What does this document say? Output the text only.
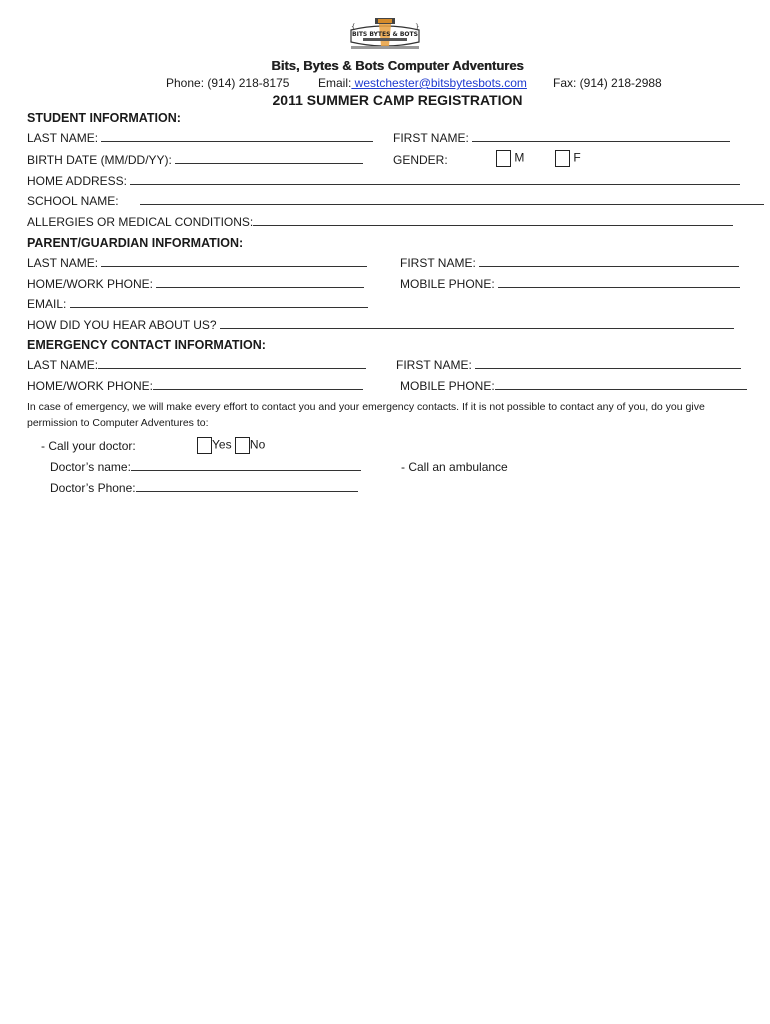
BITS BYTES & BOTS
{	}
Bits, Bytes & Bots Computer Adventures
Phone: (914) 218-8175 Email: westchester@bitsbytesbots.com Fax: (914) 218-2988
2011 SUMMER CAMP REGISTRATION
STUDENT INFORMATION:
LAST NAME:	FIRST NAME:
BIRTH DATE (MM/DD/YY):	GENDER:	M	F
HOME ADDRESS:
SCHOOL NAME:
ALLERGIES OR MEDICAL CONDITIONS:
PARENT/GUARDIAN INFORMATION:
LAST NAME:	FIRST NAME:
HOME/WORK PHONE:	MOBILE PHONE:
EMAIL:
HOW DID YOU HEAR ABOUT US?
EMERGENCY CONTACT INFORMATION:
LAST NAME:	FIRST NAME:
HOME/WORK PHONE:	MOBILE PHONE:
In case of emergency, we will make every effort to contact you and your emergency contacts. If it is not possible to contact any of you, do you give
permission to Computer Adventures to:
- Call your doctor:	Yes No
Doctor’s name:	- Call an ambulance
Doctor’s Phone:
